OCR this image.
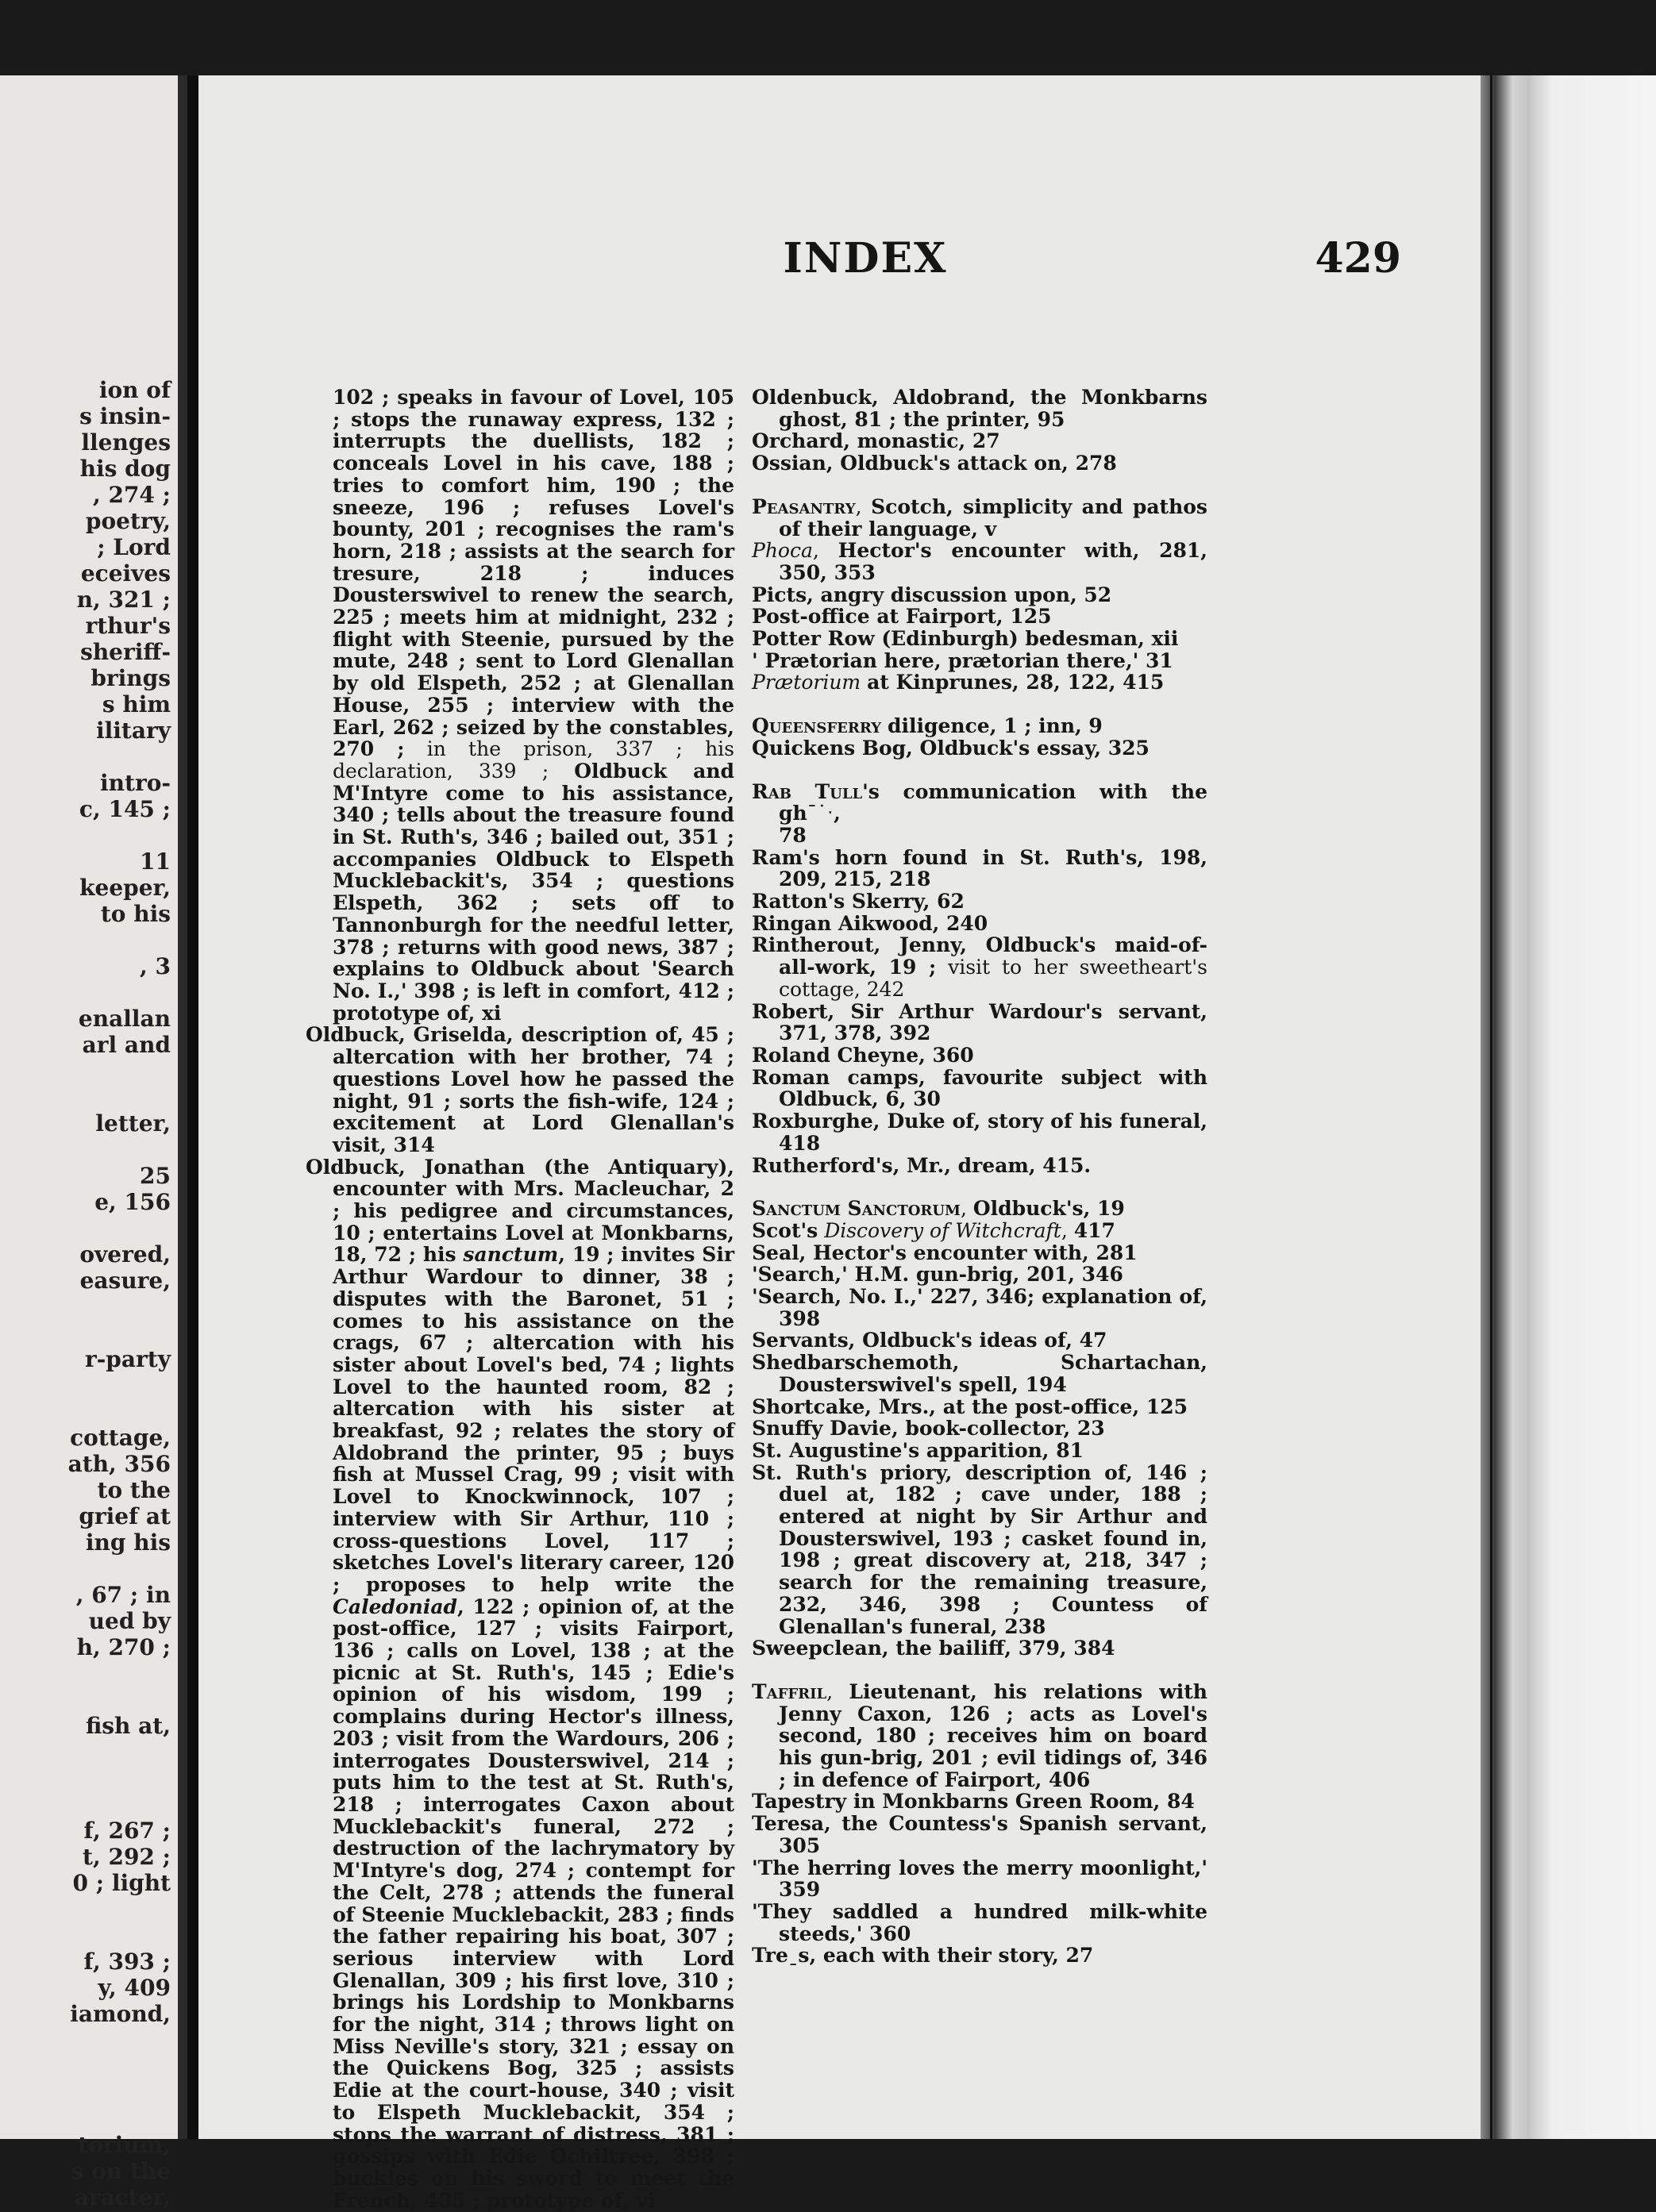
ion of
s insin-
llenges
his dog
, 274 ;
poetry,
; Lord
eceives
n, 321 ;
rthur's
sheriff-
brings
s him
ilitary
intro-
c, 145 ;
11
keeper,
to his
, 3
enallan
arl and
letter,
25
e, 156
overed,
easure,
r-party
cottage,
ath, 356
to the
grief at
ing his
, 67 ; in
ued by
h, 270 ;
fish at,
f, 267 ;
t, 292 ;
0 ; light
f, 393 ;
y, 409
iamond,
torium,
s on the
aracter,
INDEX	429

102 ; speaks in favour of Lovel, 105 ; stops the runaway express, 132 ; interrupts the duellists, 182 ; conceals Lovel in his cave, 188 ; tries to comfort him, 190 ; the sneeze, 196 ; refuses Lovel's bounty, 201 ; recognises the ram's horn, 218 ; assists at the search for tresure, 218 ; induces Dousterswivel to renew the search, 225 ; meets him at midnight, 232 ; flight with Steenie, pursued by the mute, 248 ; sent to Lord Glenallan by old Elspeth, 252 ; at Glenallan House, 255 ; interview with the Earl, 262 ; seized by the constables, 270 ; in the prison, 337 ; his declaration, 339 ; Oldbuck and M'Intyre come to his assistance, 340 ; tells about the treasure found in St. Ruth's, 346 ; bailed out, 351 ; accompanies Oldbuck to Elspeth Mucklebackit's, 354 ; questions Elspeth, 362 ; sets off to Tannonburgh for the needful letter, 378 ; returns with good news, 387 ; explains to Oldbuck about 'Search No. I.,' 398 ; is left in comfort, 412 ; prototype of, xi

Oldbuck, Griselda, description of, 45 ; altercation with her brother, 74 ; questions Lovel how he passed the night, 91 ; sorts the fish-wife, 124 ; excitement at Lord Glenallan's visit, 314

Oldbuck, Jonathan (the Antiquary), encounter with Mrs. Macleuchar, 2 ; his pedigree and circumstances, 10 ; entertains Lovel at Monkbarns, 18, 72 ; his sanctum, 19 ; invites Sir Arthur Wardour to dinner, 38 ; disputes with the Baronet, 51 ; comes to his assistance on the crags, 67 ; altercation with his sister about Lovel's bed, 74 ; lights Lovel to the haunted room, 82 ; altercation with his sister at breakfast, 92 ; relates the story of Aldobrand the printer, 95 ; buys fish at Mussel Crag, 99 ; visit with Lovel to Knockwinnock, 107 ; interview with Sir Arthur, 110 ; cross-questions Lovel, 117 ; sketches Lovel's literary career, 120 ; proposes to help write the Caledoniad, 122 ; opinion of, at the post-office, 127 ; visits Fairport, 136 ; calls on Lovel, 138 ; at the picnic at St. Ruth's, 145 ; Edie's opinion of his wisdom, 199 ; complains during Hector's illness, 203 ; visit from the Wardours, 206 ; interrogates Dousterswivel, 214 ; puts him to the test at St. Ruth's, 218 ; interrogates Caxon about Mucklebackit's funeral, 272 ; destruction of the lachrymatory by M'Intyre's dog, 274 ; contempt for the Celt, 278 ; attends the funeral of Steenie Mucklebackit, 283 ; finds the father repairing his boat, 307 ; serious interview with Lord Glenallan, 309 ; his first love, 310 ; brings his Lordship to Monkbarns for the night, 314 ; throws light on Miss Neville's story, 321 ; essay on the Quickens Bog, 325 ; assists Edie at the court-house, 340 ; visit to Elspeth Mucklebackit, 354 ; stops the warrant of distress, 381 ; gossips with Edie Ochiltree, 398 ; buckles on his sword to meet the French, 405 ; prototype of, vi

Oldenbuck, Aldobrand, the Monkbarns ghost, 81 ; the printer, 95

Orchard, monastic, 27

Ossian, Oldbuck's attack on, 278

Peasantry, Scotch, simplicity and pathos of their language, v

Phoca, Hector's encounter with, 281, 350, 353

Picts, angry discussion upon, 52

Post-office at Fairport, 125

Potter Row (Edinburgh) bedesman, xii

' Prætorian here, prætorian there,' 31

Prætorium at Kinprunes, 28, 122, 415

Queensferry diligence, 1 ; inn, 9

Quickens Bog, Oldbuck's essay, 325

Rab Tull's communication with the ghˉ˙ˑ,
78

Ram's horn found in St. Ruth's, 198, 209, 215, 218

Ratton's Skerry, 62

Ringan Aikwood, 240

Rintherout, Jenny, Oldbuck's maid-of-all-work, 19 ; visit to her sweetheart's cottage, 242

Robert, Sir Arthur Wardour's servant, 371, 378, 392

Roland Cheyne, 360

Roman camps, favourite subject with Oldbuck, 6, 30

Roxburghe, Duke of, story of his funeral, 418

Rutherford's, Mr., dream, 415.

Sanctum Sanctorum, Oldbuck's, 19

Scot's Discovery of Witchcraft, 417

Seal, Hector's encounter with, 281

'Search,' H.M. gun-brig, 201, 346

'Search, No. I.,' 227, 346; explanation of, 398

Servants, Oldbuck's ideas of, 47

Shedbarschemoth, Schartachan, Dousterswivel's spell, 194

Shortcake, Mrs., at the post-office, 125

Snuffy Davie, book-collector, 23

St. Augustine's apparition, 81

St. Ruth's priory, description of, 146 ; duel at, 182 ; cave under, 188 ; entered at night by Sir Arthur and Dousterswivel, 193 ; casket found in, 198 ; great discovery at, 218, 347 ; search for the remaining treasure, 232, 346, 398 ; Countess of Glenallan's funeral, 238

Sweepclean, the bailiff, 379, 384

Taffril, Lieutenant, his relations with Jenny Caxon, 126 ; acts as Lovel's second, 180 ; receives him on board his gun-brig, 201 ; evil tidings of, 346 ; in defence of Fairport, 406

Tapestry in Monkbarns Green Room, 84

Teresa, the Countess's Spanish servant, 305

'The herring loves the merry moonlight,' 359

'They saddled a hundred milk-white steeds,' 360

Treˍs, each with their story, 27
